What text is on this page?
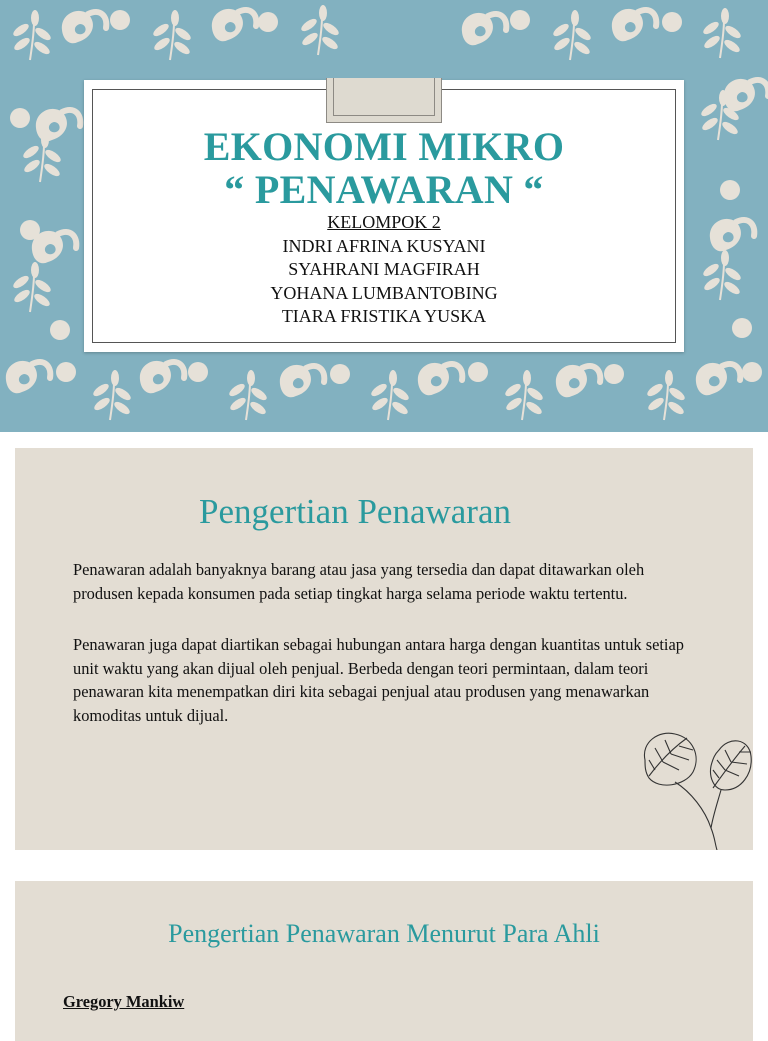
EKONOMI MIKRO
“ PENAWARAN “
KELOMPOK 2
INDRI AFRINA KUSYANI
SYAHRANI MAGFIRAH
YOHANA LUMBANTOBING
TIARA FRISTIKA YUSKA
Pengertian Penawaran
Penawaran adalah banyaknya barang atau jasa yang tersedia dan dapat ditawarkan oleh produsen kepada konsumen pada setiap tingkat harga selama periode waktu tertentu.
Penawaran juga dapat diartikan sebagai hubungan antara harga dengan kuantitas untuk setiap unit waktu yang akan dijual oleh penjual. Berbeda dengan teori permintaan, dalam teori penawaran kita menempatkan diri kita sebagai penjual atau produsen yang menawarkan komoditas untuk dijual.
Pengertian Penawaran Menurut Para Ahli
Gregory Mankiw
